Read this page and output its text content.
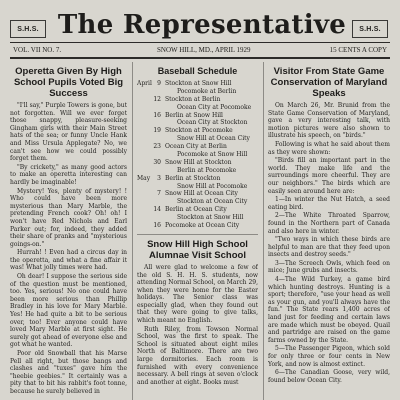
S.H.S. The Representative	S.H.S.
VOL. VII NO. 7.	SNOW HILL, MD., APRIL 1929	15 CENTS A COPY
Operetta Given By High School Pupils Voted Big Success

"I'll say," Purple Towers is gone, but not forgotten. Will we ever forget those snappy, pleasure-seeking Gingham girls with their Main Street hats of the sea; or funny Uncle Hank and Miss Ursula Applegate? No, we can't see how we could possibly forget them.

"By crickety," as many good actors to make an operetta interesting can hardly be imaginable!

Mystery! Yes, plenty of mystery! ! Who could have been more mysterious than Mary Marble, the pretending French cook? Oh! oh! I won't have Red Nichols and Earl Parker out; for, indeed, they added their share of pranks and "mysterious goings-on."

Hurrah! ! Even had a circus day in the operetta, and what a fine affair it was! What jolly times were had.

Oh dear! I suppose the serious side of the question must be mentioned, too. Yes, serious! No one could have been more serious than Phillip Bradley in his love for Mary Marble. Yes! He had quite a bit to be serious over, too! Ever anyone could have loved Mary Marble at first sight. He surely got ahead of everyone else and got what he wanted.

Poor old Snowball that his Marse Pell all right, but those bangs and clashes and "tuxes" gave him the "heebie geebies." It certainly was a pity that to bit his rabbit's foot tonne, because he surely believed in

Baseball Schedule
April 9 Stockton at Snow Hill
Pocomoke at Berlin
12 Stockton at Berlin
Ocean City at Pocomoke
16 Berlin at Snow Hill
Ocean City at Stockton
19 Stockton at Pocomoke
Snow Hill at Ocean City
23 Ocean City at Berlin
Pocomoke at Snow Hill
30 Snow Hill at Stockton
Berlin at Pocomoke
May	3 Berlin at Stockton
Snow Hill at Pocomoke
7 Snow Hill at Ocean City
Stockton at Ocean City
14 Berlin at Ocean City
Stockton at Snow Hill
16 Pocomoke at Ocean City
Snow Hill High School Alumnae Visit School

All were glad to welcome a few of the old S. H. H. S. students, now attending Normal School, on March 29, when they were home for the Easter holidays. The Senior class was especially glad, when they found out that they were going to give talks, which meant no English.

Ruth Riley, from Towson Normal School, was the first to speak. The School is situated about eight miles North of Baltimore. There are two large dormitories. Each room is furnished with every convenience necessary. A bell rings at seven o'clock and another at eight. Books must

Visitor From State Game Conservation of Maryland Speaks

On March 26, Mr. Brunid from the State Game Conservation of Maryland, gave a very interesting talk, with motion pictures were also shown to illustrate his speech, on "birds."

Following is what he said about them as they were shown:

"Birds fill an important part in the world. They make life and the surroundings more cheerful. They are our neighbors." The birds which are easily seen around here are:

1—In winter the Nut Hatch, a seed eating bird.

2—The White Throated Sparrow, found in the Northern part of Canada and also here in winter.

"Two ways in which these birds are helpful to man are that they feed upon insects and destroy seeds."

3—The Screech Owls, which feed on mice; June grubs and insects.

4—The Wild Turkey, a game bird which hunting destroys. Hunting is a sport; therefore, "use your head as well as your gun, and you'll always have the fun." The State rears 1,400 acres of land just for feeding and certain laws are made which must be obeyed. Quail and partridge are raised on the game farms owned by the State.

5—The Passenger Pigeon, which sold for only three or four cents in New York, and now is almost extinct.

6—The Canadian Goose, very wild, found below Ocean City.
